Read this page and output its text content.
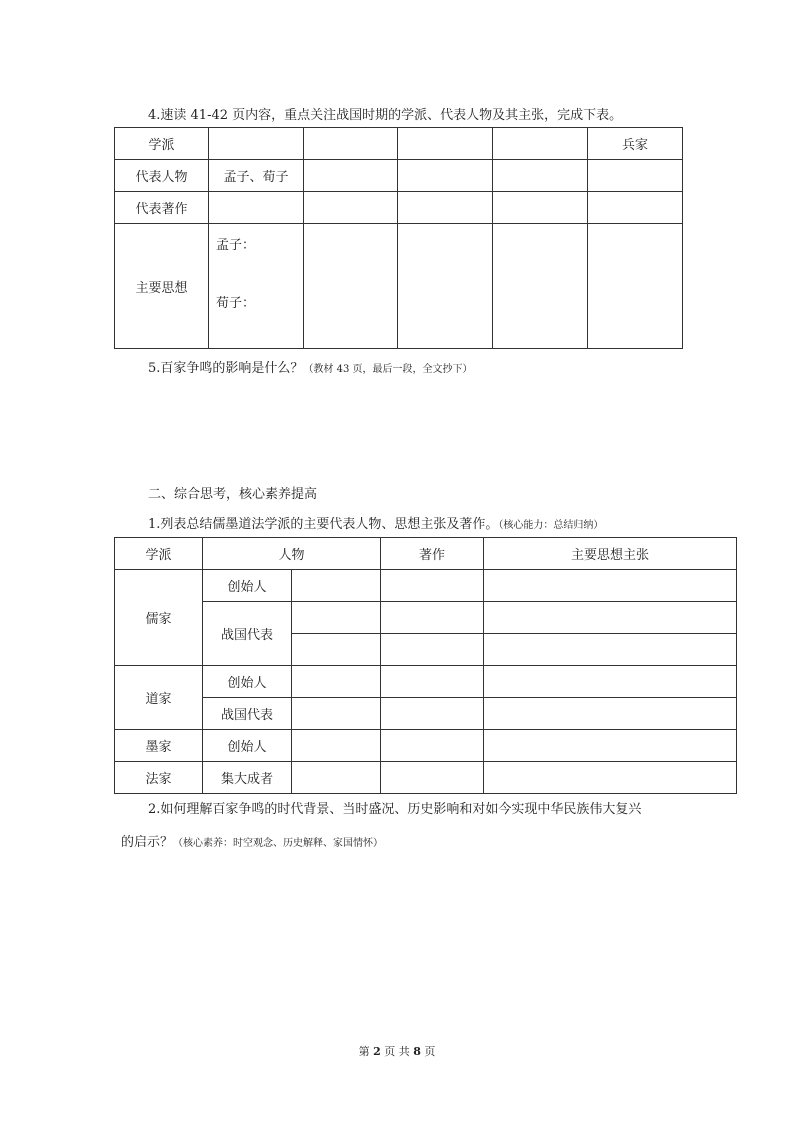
4.速读 41-42 页内容，重点关注战国时期的学派、代表人物及其主张，完成下表。
学派					兵家
代表人物	孟子、荀子				
代表著作					
主要思想	孟子：
荀子：				

5.百家争鸣的影响是什么？（教材 43 页，最后一段，全文抄下）
二、综合思考，核心素养提高
1.列表总结儒墨道法学派的主要代表人物、思想主张及著作。（核心能力：总结归纳）
学派	人物		著作	主要思想主张
儒家	创始人			
	战国代表			

道家	创始人			
	战国代表			
墨家	创始人			
法家	集大成者			
2.如何理解百家争鸣的时代背景、当时盛况、历史影响和对如今实现中华民族伟大复兴
的启示？（核心素养：时空观念、历史解释、家国情怀）
第 2 页 共 8 页
